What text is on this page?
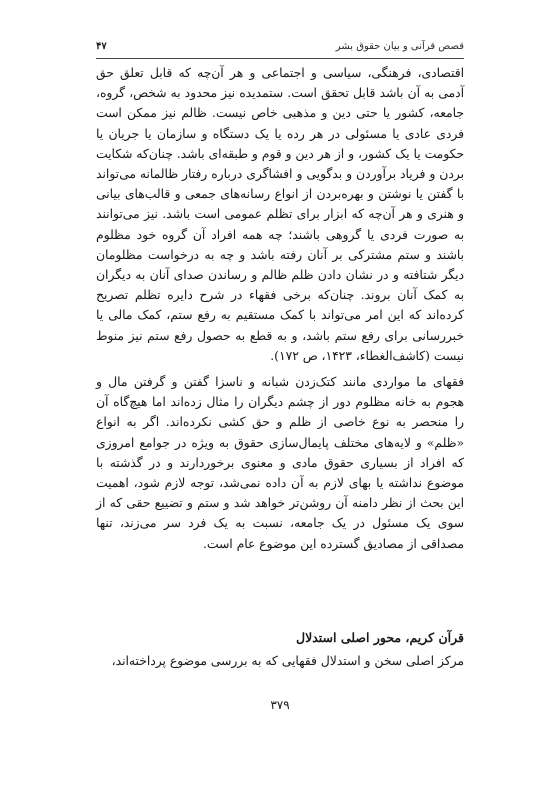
قصص قرآنی و بیان حقوق بشر
۴۷

اقتصادی، فرهنگی، سیاسی و اجتماعی و هر آن‌چه که قابل تعلق حق آدمی به آن باشد قابل تحقق است. ستمدیده نیز محدود به شخص، گروه، جامعه، کشور یا حتی دین و مذهبی خاص نیست. ظالم نیز ممکن است فردی عادی یا مسئولی در هر رده یا یک دستگاه و سازمان یا جریان یا حکومت یا یک کشور، و از هر دین و قوم و طبقه‌ای باشد. چنان‌که شکایت بردن و فریاد برآوردن و بدگویی و افشاگری درباره رفتار ظالمانه می‌تواند با گفتن یا نوشتن و بهره‌بردن از انواع رسانه‌های جمعی و قالب‌های بیانی و هنری و هر آن‌چه که ابزار برای تظلم عمومی است باشد. نیز می‌توانند به صورت فردی یا گروهی باشند؛ چه همه افراد آن گروه خود مظلوم باشند و ستم مشترکی بر آنان رفته باشد و چه به درخواست مظلومان دیگر شتافته و در نشان دادن ظلم ظالم و رساندن صدای آنان به دیگران به کمک آنان بروند. چنان‌که برخی فقهاء در شرح دایره تظلم تصریح کرده‌اند که این امر می‌تواند با کمک مستقیم به رفع ستم، کمک مالی یا خبررسانی برای رفع ستم باشد، و به قطع به حصول رفع ستم نیز منوط نیست (کاشف‌الغطاء، ۱۴۲۳، ص ۱۷۲).

فقهای ما مواردی مانند کتک‌زدن شبانه و ناسزا گفتن و گرفتن مال و هجوم به خانه مظلوم دور از چشم دیگران را مثال زده‌اند اما هیچ‌گاه آن را منحصر به نوع خاصی از ظلم و حق کشی نکرده‌اند. اگر به انواع «ظلم» و لایه‌های مختلف پایمال‌سازی حقوق به ویژه در جوامع امروزی که افراد از بسیاری حقوق مادی و معنوی برخوردارند و در گذشته با موضوع نداشته یا بهای لازم به آن داده نمی‌شد، توجه لازم شود، اهمیت این بحث از نظر دامنه آن روشن‌تر خواهد شد و ستم و تضییع حقی که از سوی یک مسئول در یک جامعه، نسبت به یک فرد سر می‌زند، تنها مصداقی از مصادیق گسترده این موضوع عام است.

قرآن کریم، محور اصلی استدلال
مرکز اصلی سخن و استدلال فقهایی که به بررسی موضوع پرداخته‌اند،
۳۷۹
